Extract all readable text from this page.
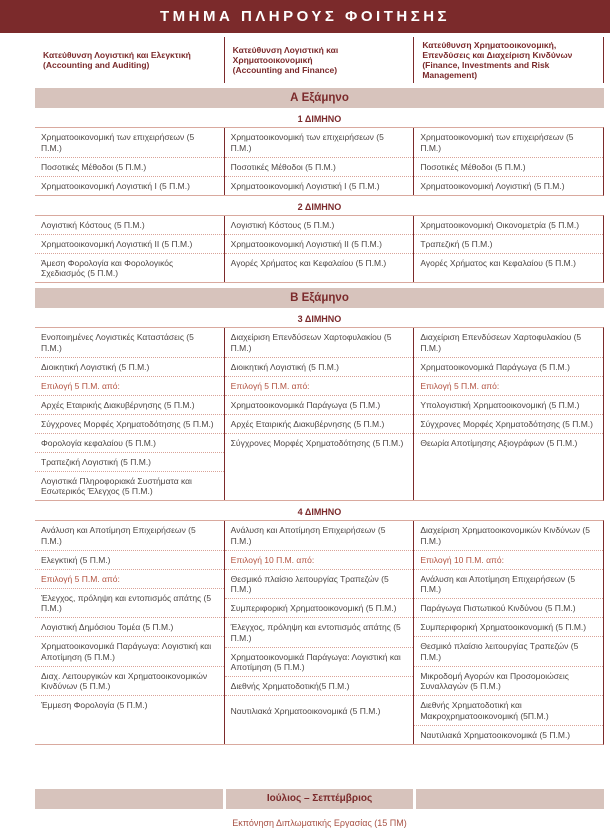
ΤΜΗΜΑ ΠΛΗΡΟΥΣ ΦΟΙΤΗΣΗΣ
Κατεύθυνση Λογιστική και Ελεγκτική
(Accounting and Auditing)
Κατεύθυνση Λογιστική και Χρηματοοικονομική
(Accounting and Finance)
Κατεύθυνση Χρηματοοικονομική, Επενδύσεις και Διαχείριση Κινδύνων
(Finance, Investments and Risk Management)
Α Εξάμηνο
1 ΔΙΜΗΝΟ
Χρηματοοικονομική των επιχειρήσεων (5 Π.Μ.)
Ποσοτικές Μέθοδοι (5 Π.Μ.)
Χρηματοοικονομική Λογιστική Ι (5 Π.Μ.)
Χρηματοοικονομική των επιχειρήσεων (5 Π.Μ.)
Ποσοτικές Μέθοδοι (5 Π.Μ.)
Χρηματοοικονομική Λογιστική Ι (5 Π.Μ.)
Χρηματοοικονομική των επιχειρήσεων (5 Π.Μ.)
Ποσοτικές Μέθοδοι (5 Π.Μ.)
Χρηματοοικονομική Λογιστική (5 Π.Μ.)
2 ΔΙΜΗΝΟ
Λογιστική Κόστους (5 Π.Μ.)
Χρηματοοικονομική Λογιστική ΙΙ (5 Π.Μ.)
Άμεση Φορολογία και Φορολογικός Σχεδιασμός (5 Π.Μ.)
Λογιστική Κόστους (5 Π.Μ.)
Χρηματοοικονομική Λογιστική ΙΙ (5 Π.Μ.)
Αγορές Χρήματος και Κεφαλαίου (5 Π.Μ.)
Χρηματοοικονομική Οικονομετρία (5 Π.Μ.)
Τραπεζική (5 Π.Μ.)
Αγορές Χρήματος και Κεφαλαίου (5 Π.Μ.)
Β Εξάμηνο
3 ΔΙΜΗΝΟ
Ενοποιημένες Λογιστικές Καταστάσεις (5 Π.Μ.)
Διοικητική Λογιστική (5 Π.Μ.)
Επιλογή 5 Π.Μ. από:
Αρχές Εταιρικής Διακυβέρνησης (5 Π.Μ.)
Σύγχρονες Μορφές Χρηματοδότησης (5 Π.Μ.)
Φορολογία κεφαλαίου (5 Π.Μ.)
Τραπεζική Λογιστική (5 Π.Μ.)
Λογιστικά Πληροφοριακά Συστήματα και Εσωτερικός Έλεγχος (5 Π.Μ.)
Διαχείριση Επενδύσεων Χαρτοφυλακίου (5 Π.Μ.)
Διοικητική Λογιστική (5 Π.Μ.)
Επιλογή 5 Π.Μ. από:
Χρηματοοικονομικά Παράγωγα (5 Π.Μ.)
Αρχές Εταιρικής Διακυβέρνησης (5 Π.Μ.)
Σύγχρονες Μορφές Χρηματοδότησης (5 Π.Μ.)
Διαχείριση Επενδύσεων Χαρτοφυλακίου (5 Π.Μ.)
Χρηματοοικονομικά Παράγωγα (5 Π.Μ.)
Επιλογή 5 Π.Μ. από:
Υπολογιστική Χρηματοοικονομική (5 Π.Μ.)
Σύγχρονες Μορφές Χρηματοδότησης (5 Π.Μ.)
Θεωρία Αποτίμησης Αξιογράφων (5 Π.Μ.)
4 ΔΙΜΗΝΟ
Ανάλυση και Αποτίμηση Επιχειρήσεων (5 Π.Μ.)
Ελεγκτική (5 Π.Μ.)
Επιλογή 5 Π.Μ. από:
Έλεγχος, πρόληψη και εντοπισμός απάτης (5 Π.Μ.)
Λογιστική Δημόσιου Τομέα (5 Π.Μ.)
Χρηματοοικονομικά Παράγωγα: Λογιστική και Αποτίμηση (5 Π.Μ.)
Διαχ. Λειτουργικών και Χρηματοοικονομικών Κινδύνων (5 Π.Μ.)
Έμμεση Φορολογία (5 Π.Μ.)
Ανάλυση και Αποτίμηση Επιχειρήσεων (5 Π.Μ.)
Επιλογή 10 Π.Μ. από:
Θεσμικό πλαίσιο λειτουργίας Τραπεζών (5 Π.Μ.)
Συμπεριφορική Χρηματοοικονομική (5 Π.Μ.)
Έλεγχος, πρόληψη και εντοπισμός απάτης (5 Π.Μ.)
Χρηματοοικονομικά Παράγωγα: Λογιστική και Αποτίμηση (5 Π.Μ.)
Διεθνής Χρηματοδοτική(5 Π.Μ.)
Ναυτιλιακά Χρηματοοικονομικά (5 Π.Μ.)
Διαχείριση Χρηματοοικονομικών Κινδύνων (5 Π.Μ.)
Επιλογή 10 Π.Μ. από:
Ανάλυση και Αποτίμηση Επιχειρήσεων (5 Π.Μ.)
Παράγωγα Πιστωτικού Κινδύνου (5 Π.Μ.)
Συμπεριφορική Χρηματοοικονομική (5 Π.Μ.)
Θεσμικό πλαίσιο λειτουργίας Τραπεζών (5 Π.Μ.)
Μικροδομή Αγορών και Προσομοιώσεις Συναλλαγών (5 Π.Μ.)
Διεθνής Χρηματοδοτική και Μακροχρηματοοικονομική (5Π.Μ.)
Ναυτιλιακά Χρηματοοικονομικά (5 Π.Μ.)
Ιούλιος – Σεπτέμβριος
Εκπόνηση Διπλωματικής Εργασίας (15 ΠΜ)
